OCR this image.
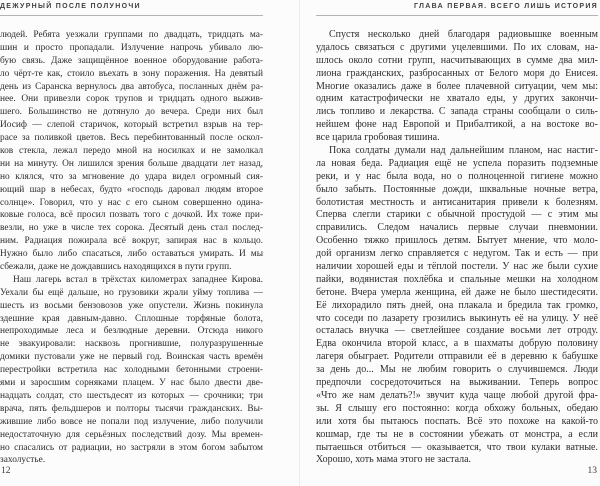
ДЕЖУРНЫЙ ПОСЛЕ ПОЛУНОЧИ
людей. Ребята уезжали группами по двадцать, тридцать ма-
шин и просто пропадали. Излучение напрочь убивало лю-
бую связь. Даже защищённое военное оборудование работа-
ло чёрт-те как, стоило въехать в зону поражения. На девятый
день из Саранска вернулось два автобуса, посланных днём ра-
нее. Они привезли сорок трупов и тридцать одного выжив-
шего. Большинство не дотянуло до вечера. Среди них был
Иосиф — слепой старичок, который встретил взрыв на тер-
расе за поливкой цветов. Весь перебинтованный после оскол-
ков стекла, лежал передо мной на носилках и не замолкал
ни на минуту. Он лишился зрения больше двадцати лет назад,
но клялся, что за мгновение до удара видел огромный сия-
ющий шар в небесах, будто «господь даровал людям второе
солнце». Говорил, что у нас с его сыном совершенно одина-
ковые голоса, всё просил позвать того с дочкой. Их тоже при-
везли, но уже в числе тех сорока. Десятый день стал послед-
ним. Радиация пожирала всё вокруг, запирая нас в кольцо.
Нужно было либо спасаться, либо оставаться умирать. И мы
сбежали, даже не дождавшись находящихся в пути групп.
Наш лагерь встал в трёхстах километрах западнее Кирова.
Уехали бы ещё дальше, но грузовики жрали уйму топлива —
шесть из восьми бензовозов уже опустели. Жизнь покинула
здешние края давным-давно. Сплошные торфяные болота,
непроходимые леса и безлюдные деревни. Отсюда никого
не эвакуировали: насквозь прогнившие, полуразрушенные
домики пустовали уже не первый год. Воинская часть времён
перестройки встретила нас холодными бетонными строени-
ями и заросшим сорняками плацем. У нас было двести две-
надцать солдат, сто шестьдесят из которых — срочники; три
врача, пять фельдшеров и полторы тысячи гражданских. Вы-
жившие либо вовсе не попали под излучение, либо получили
недостаточную для серьёзных последствий дозу. Мы времен-
но спасались от радиации, но застряли в этом богом забытом
захолустье.
12
ГЛАВА ПЕРВАЯ. ВСЕГО ЛИШЬ ИСТОРИЯ
Спустя несколько дней благодаря радиовышке военным
удалось связаться с другими уцелевшими. По их словам, на-
шлось около сотни групп, насчитывающих в сумме два мил-
лиона гражданских, разбросанных от Белого моря до Енисея.
Многие оказались даже в более плачевной ситуации, чем мы:
одним катастрофически не хватало еды, у других закончи-
лись топливо и лекарства. С запада страны сообщали о силь-
нейшем фоне над Европой и Прибалтикой, а на востоке во-
все царила гробовая тишина.
Пока солдаты думали над дальнейшим планом, нас настиг-
ла новая беда. Радиация ещё не успела поразить подземные
реки, и у нас была вода, но о полноценной гигиене можно
было забыть. Постоянные дожди, шквальные ночные ветра,
болотистая местность и антисанитария привели к болезням.
Сперва слегли старики с обычной простудой — с этим мы
справились. Следом начались первые случаи пневмонии.
Особенно тяжко пришлось детям. Бытует мнение, что моло-
дой организм легко справляется с недугом. Так и есть — при
наличии хорошей еды и тёплой постели. У нас же были сухие
пайки, водянистая похлёбка и спальные мешки на холодном
бетоне. Вчера умерла женщина, ей даже не было шестидесяти.
Её лихорадило пять дней, она плакала и бредила так громко,
что соседи по лазарету грозились выкинуть её на улицу. У неё
осталась внучка — светлейшее создание восьми лет отроду.
Едва окончила второй класс, а в шахматы добрую половину
лагеря обыграет. Родители отправили её в деревню к бабушке
за день до... Мы не любим говорить о случившемся. Люди
предпочли сосредоточиться на выживании. Теперь вопрос
«Что же нам делать?!» звучит куда чаще любой другой фра-
зы. Я слышу его постоянно: когда обхожу больных, обедаю
или хотя бы пытаюсь поспать. Всё это похоже на какой-то
кошмар, где ты не в состоянии убежать от монстра, а если
пытаешься отбиться — оказывается, что твои кулаки ватные.
Хорошо, хоть мама этого не застала.
13
